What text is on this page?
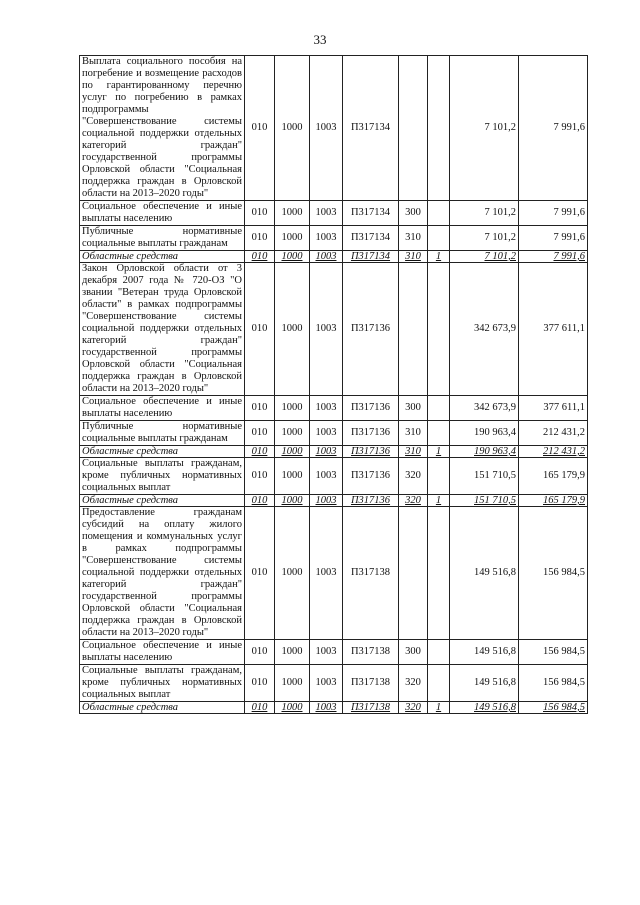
33
Выплата социального пособия на погребение и возмещение расходов по гарантированному перечню услуг по погребению в рамках подпрограммы "Совершенствование системы социальной поддержки отдельных категорий граждан" государственной программы Орловской области "Социальная поддержка граждан в Орловской области на 2013–2020 годы"	010	1000	1003	П317134			7 101,2	7 991,6
Социальное обеспечение и иные выплаты населению	010	1000	1003	П317134	300		7 101,2	7 991,6
Публичные нормативные социальные выплаты гражданам	010	1000	1003	П317134	310		7 101,2	7 991,6
Областные средства	010	1000	1003	П317134	310	1	7 101,2	7 991,6
Закон Орловской области от 3 декабря 2007 года № 720-ОЗ "О звании "Ветеран труда Орловской области" в рамках подпрограммы "Совершенствование системы социальной поддержки отдельных категорий граждан" государственной программы Орловской области "Социальная поддержка граждан в Орловской области на 2013–2020 годы"	010	1000	1003	П317136			342 673,9	377 611,1
Социальное обеспечение и иные выплаты населению	010	1000	1003	П317136	300		342 673,9	377 611,1
Публичные нормативные социальные выплаты гражданам	010	1000	1003	П317136	310		190 963,4	212 431,2
Областные средства	010	1000	1003	П317136	310	1	190 963,4	212 431,2
Социальные выплаты гражданам, кроме публичных нормативных социальных выплат	010	1000	1003	П317136	320		151 710,5	165 179,9
Областные средства	010	1000	1003	П317136	320	1	151 710,5	165 179,9
Предоставление гражданам субсидий на оплату жилого помещения и коммунальных услуг в рамках подпрограммы "Совершенствование системы социальной поддержки отдельных категорий граждан" государственной программы Орловской области "Социальная поддержка граждан в Орловской области на 2013–2020 годы"	010	1000	1003	П317138			149 516,8	156 984,5
Социальное обеспечение и иные выплаты населению	010	1000	1003	П317138	300		149 516,8	156 984,5
Социальные выплаты гражданам, кроме публичных нормативных социальных выплат	010	1000	1003	П317138	320		149 516,8	156 984,5
Областные средства	010	1000	1003	П317138	320	1	149 516,8	156 984,5
